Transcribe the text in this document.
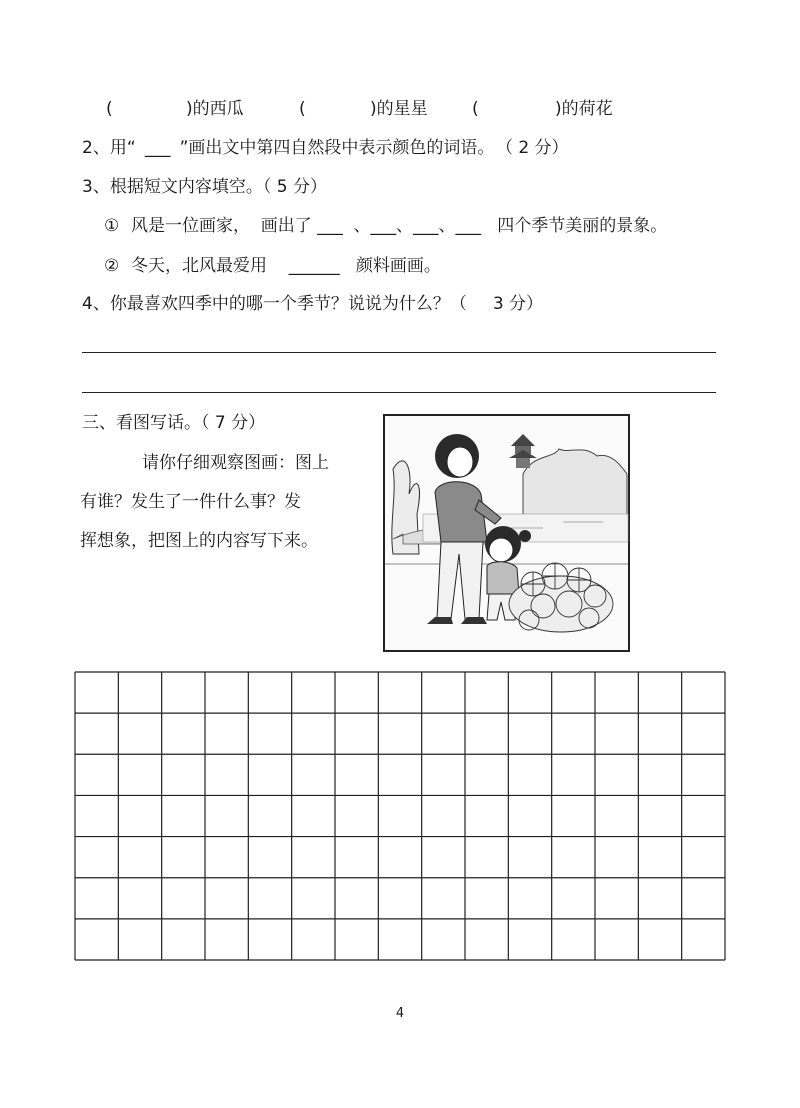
(	)的西瓜	(	)的星星	(	)的荷花
2、用“ ___ ”画出文中第四自然段中表示颜色的词语。 （ 2 分）
3、根据短文内容填空。（ 5 分）
① 风是一位画家，  画出了 ___  、___、___、___   四个季节美丽的景象。
② 冬天，北风最爱用    ______   颜料画画。
4、你最喜欢四季中的哪一个季节？说说为什么？（ 3 分）
三、看图写话。（ 7 分）
请你仔细观察图画：图上
有谁？发生了一件什么事？发
挥想象，把图上的内容写下来。
4
